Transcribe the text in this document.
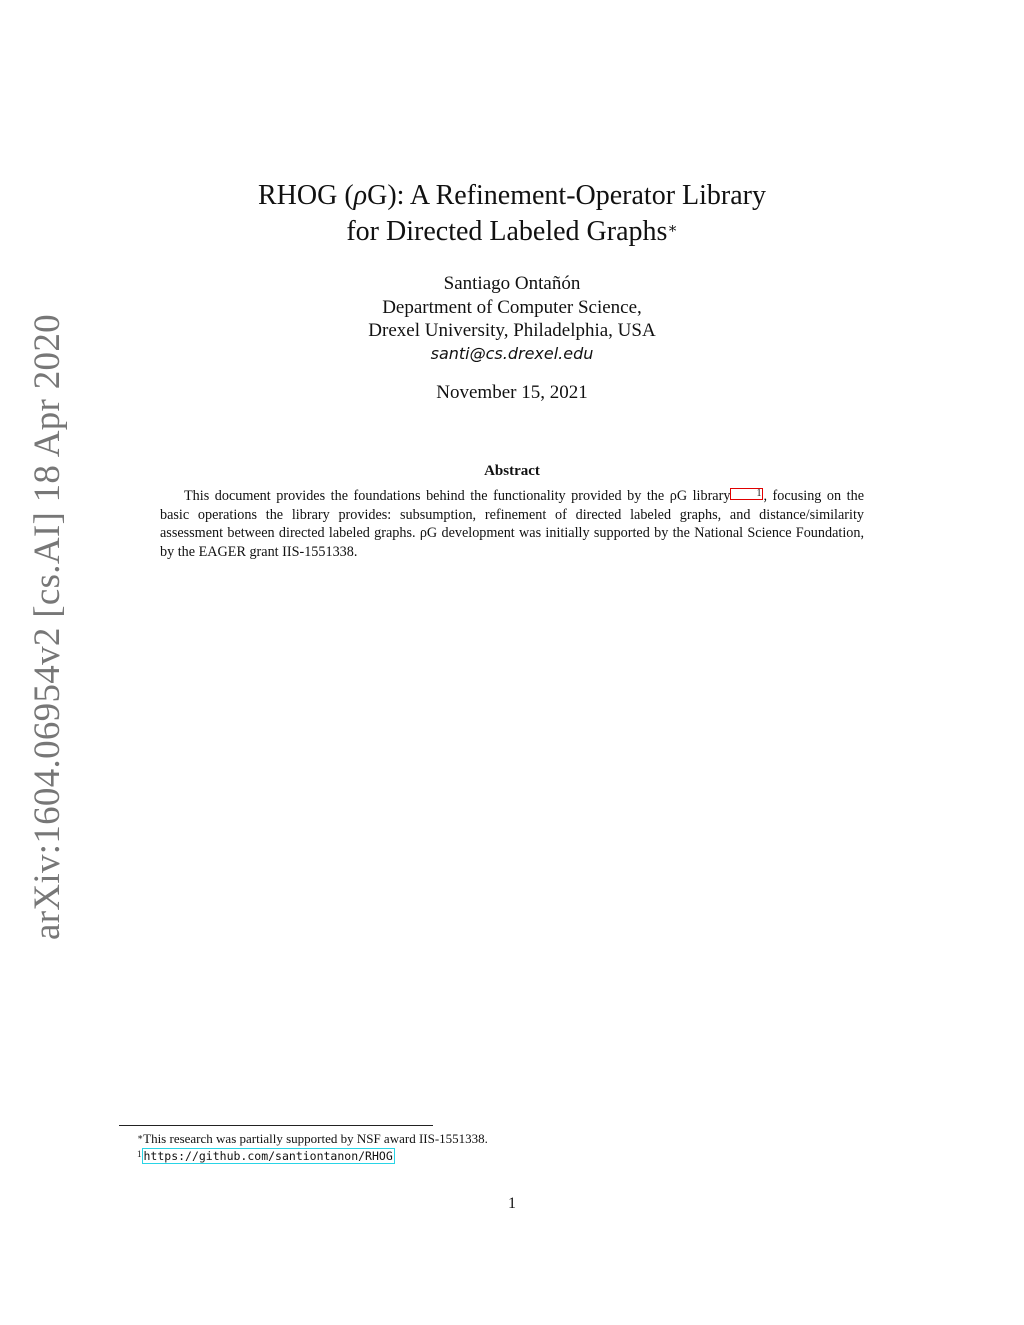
arXiv:1604.06954v2 [cs.AI] 18 Apr 2020
RHOG (ρG): A Refinement-Operator Library
for Directed Labeled Graphs∗
Santiago Ontañón
Department of Computer Science,
Drexel University, Philadelphia, USA
santi@cs.drexel.edu
November 15, 2021
Abstract
This document provides the foundations behind the functionality provided by the ρG library	1 , focusing on the basic operations the library provides: subsumption, refinement of directed labeled graphs, and distance/similarity assessment between directed labeled graphs. ρG development was initially supported by the National Science Foundation, by the EAGER grant IIS-1551338.
∗This research was partially supported by NSF award IIS-1551338.
$^1$ https://github.com/santiontanon/RHOG
1
